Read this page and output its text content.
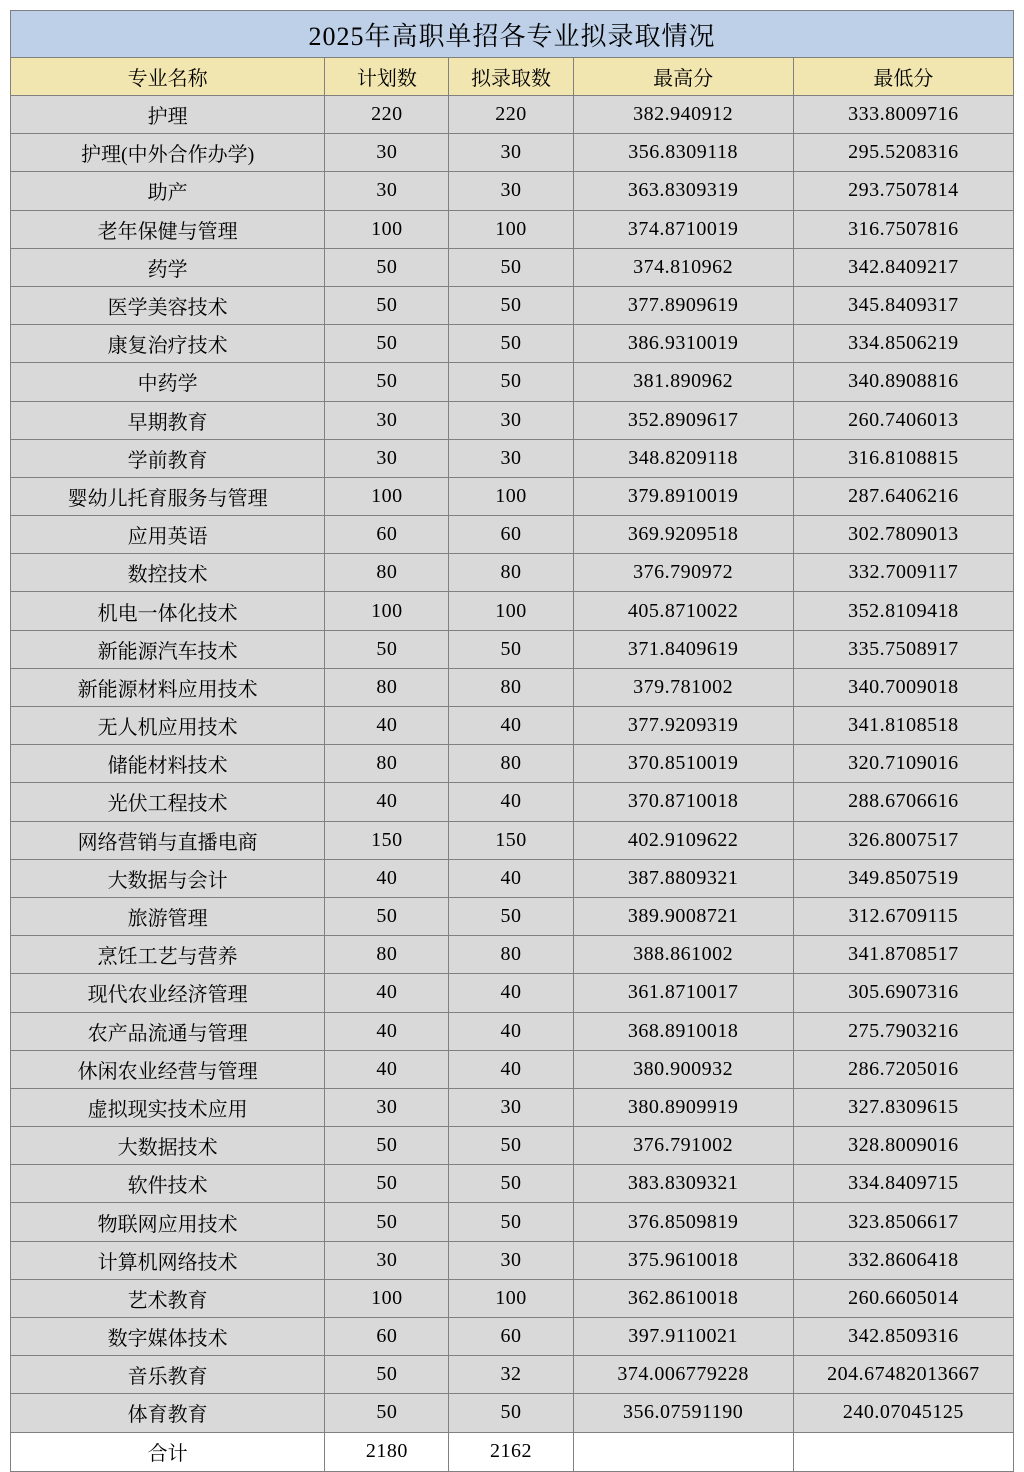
2025年高职单招各专业拟录取情况				
专业名称	计划数	拟录取数	最高分	最低分
护理	220	220	382.940912	333.8009716
护理(中外合作办学)	30	30	356.8309118	295.5208316
助产	30	30	363.8309319	293.7507814
老年保健与管理	100	100	374.8710019	316.7507816
药学	50	50	374.810962	342.8409217
医学美容技术	50	50	377.8909619	345.8409317
康复治疗技术	50	50	386.9310019	334.8506219
中药学	50	50	381.890962	340.8908816
早期教育	30	30	352.8909617	260.7406013
学前教育	30	30	348.8209118	316.8108815
婴幼儿托育服务与管理	100	100	379.8910019	287.6406216
应用英语	60	60	369.9209518	302.7809013
数控技术	80	80	376.790972	332.7009117
机电一体化技术	100	100	405.8710022	352.8109418
新能源汽车技术	50	50	371.8409619	335.7508917
新能源材料应用技术	80	80	379.781002	340.7009018
无人机应用技术	40	40	377.9209319	341.8108518
储能材料技术	80	80	370.8510019	320.7109016
光伏工程技术	40	40	370.8710018	288.6706616
网络营销与直播电商	150	150	402.9109622	326.8007517
大数据与会计	40	40	387.8809321	349.8507519
旅游管理	50	50	389.9008721	312.6709115
烹饪工艺与营养	80	80	388.861002	341.8708517
现代农业经济管理	40	40	361.8710017	305.6907316
农产品流通与管理	40	40	368.8910018	275.7903216
休闲农业经营与管理	40	40	380.900932	286.7205016
虚拟现实技术应用	30	30	380.8909919	327.8309615
大数据技术	50	50	376.791002	328.8009016
软件技术	50	50	383.8309321	334.8409715
物联网应用技术	50	50	376.8509819	323.8506617
计算机网络技术	30	30	375.9610018	332.8606418
艺术教育	100	100	362.8610018	260.6605014
数字媒体技术	60	60	397.9110021	342.8509316
音乐教育	50	32	374.006779228	204.67482013667
体育教育	50	50	356.07591190	240.07045125
合计	2180	2162		
